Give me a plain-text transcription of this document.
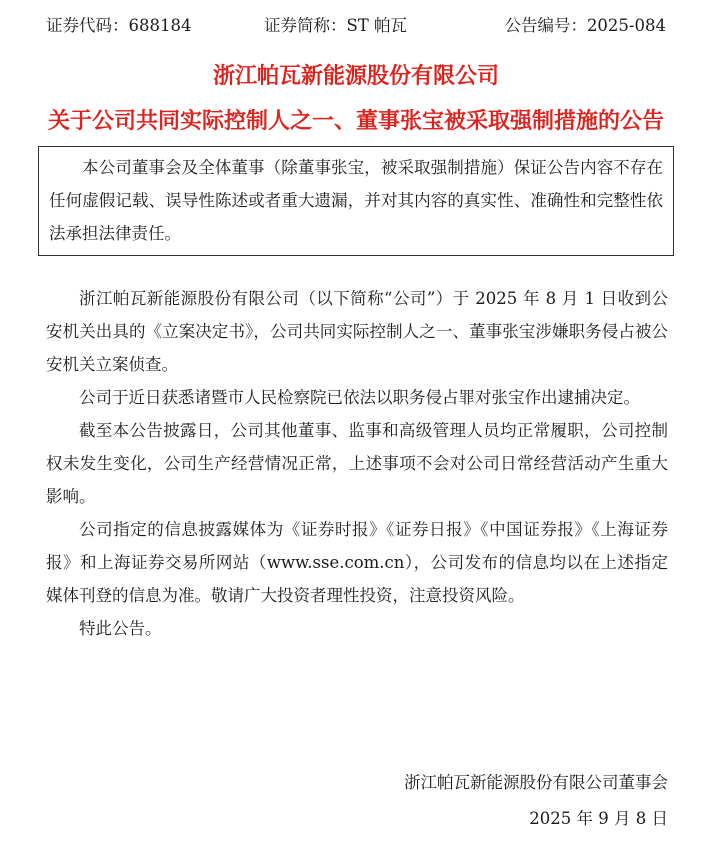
证券代码：688184	证券简称：ST 帕瓦	公告编号：2025-084
浙江帕瓦新能源股份有限公司
关于公司共同实际控制人之一、董事张宝被采取强制措施的公告

本公司董事会及全体董事（除董事张宝，被采取强制措施）保证公告内容不存在任何虚假记载、误导性陈述或者重大遗漏，并对其内容的真实性、准确性和完整性依法承担法律责任。

浙江帕瓦新能源股份有限公司（以下简称“公司”）于 2025 年 8 月 1 日收到公安机关出具的《立案决定书》，公司共同实际控制人之一、董事张宝涉嫌职务侵占被公安机关立案侦查。

公司于近日获悉诸暨市人民检察院已依法以职务侵占罪对张宝作出逮捕决定。

截至本公告披露日，公司其他董事、监事和高级管理人员均正常履职，公司控制权未发生变化，公司生产经营情况正常，上述事项不会对公司日常经营活动产生重大影响。

公司指定的信息披露媒体为《证券时报》《证券日报》《中国证券报》《上海证券报》和上海证券交易所网站（www.sse.com.cn），公司发布的信息均以在上述指定媒体刊登的信息为准。敬请广大投资者理性投资，注意投资风险。

特此公告。

浙江帕瓦新能源股份有限公司董事会
2025 年 9 月 8 日
